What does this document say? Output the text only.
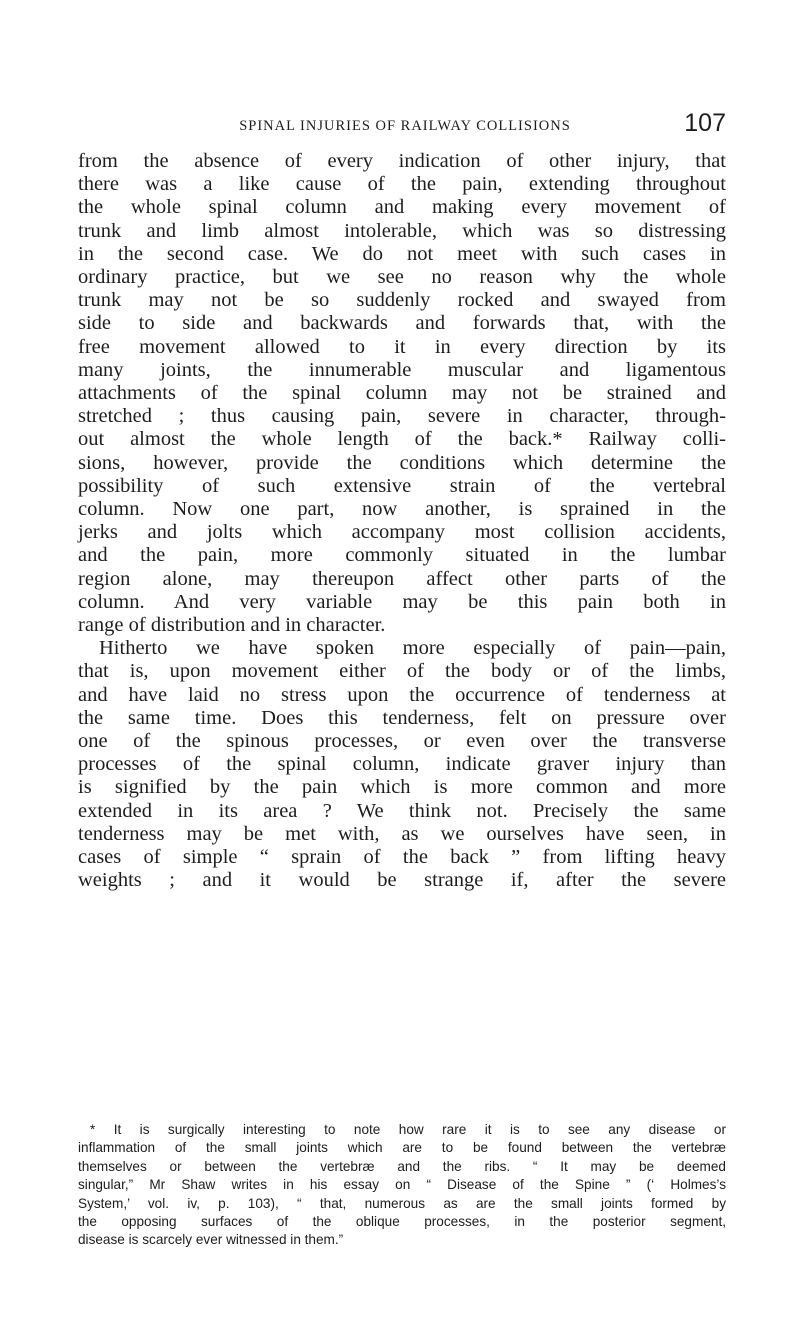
SPINAL INJURIES OF RAILWAY COLLISIONS	107
from the absence of every indication of other injury, that
there was a like cause of the pain, extending throughout
the whole spinal column and making every movement of
trunk and limb almost intolerable, which was so distressing
in the second case. We do not meet with such cases in
ordinary practice, but we see no reason why the whole
trunk may not be so suddenly rocked and swayed from
side to side and backwards and forwards that, with the
free movement allowed to it in every direction by its
many joints, the innumerable muscular and ligamentous
attachments of the spinal column may not be strained and
stretched ; thus causing pain, severe in character, through-
out almost the whole length of the back.* Railway colli-
sions, however, provide the conditions which determine the
possibility of such extensive strain of the vertebral
column. Now one part, now another, is sprained in the
jerks and jolts which accompany most collision accidents,
and the pain, more commonly situated in the lumbar
region alone, may thereupon affect other parts of the
column. And very variable may be this pain both in
range of distribution and in character.
Hitherto we have spoken more especially of pain—pain,
that is, upon movement either of the body or of the limbs,
and have laid no stress upon the occurrence of tenderness at
the same time. Does this tenderness, felt on pressure over
one of the spinous processes, or even over the transverse
processes of the spinal column, indicate graver injury than
is signified by the pain which is more common and more
extended in its area ? We think not. Precisely the same
tenderness may be met with, as we ourselves have seen, in
cases of simple “ sprain of the back ” from lifting heavy
weights ; and it would be strange if, after the severe
* It is surgically interesting to note how rare it is to see any disease or
inflammation of the small joints which are to be found between the vertebræ
themselves or between the vertebræ and the ribs. “ It may be deemed
singular,” Mr Shaw writes in his essay on “ Disease of the Spine ” (‘ Holmes’s
System,’ vol. iv, p. 103), “ that, numerous as are the small joints formed by
the opposing surfaces of the oblique processes, in the posterior segment,
disease is scarcely ever witnessed in them.”
